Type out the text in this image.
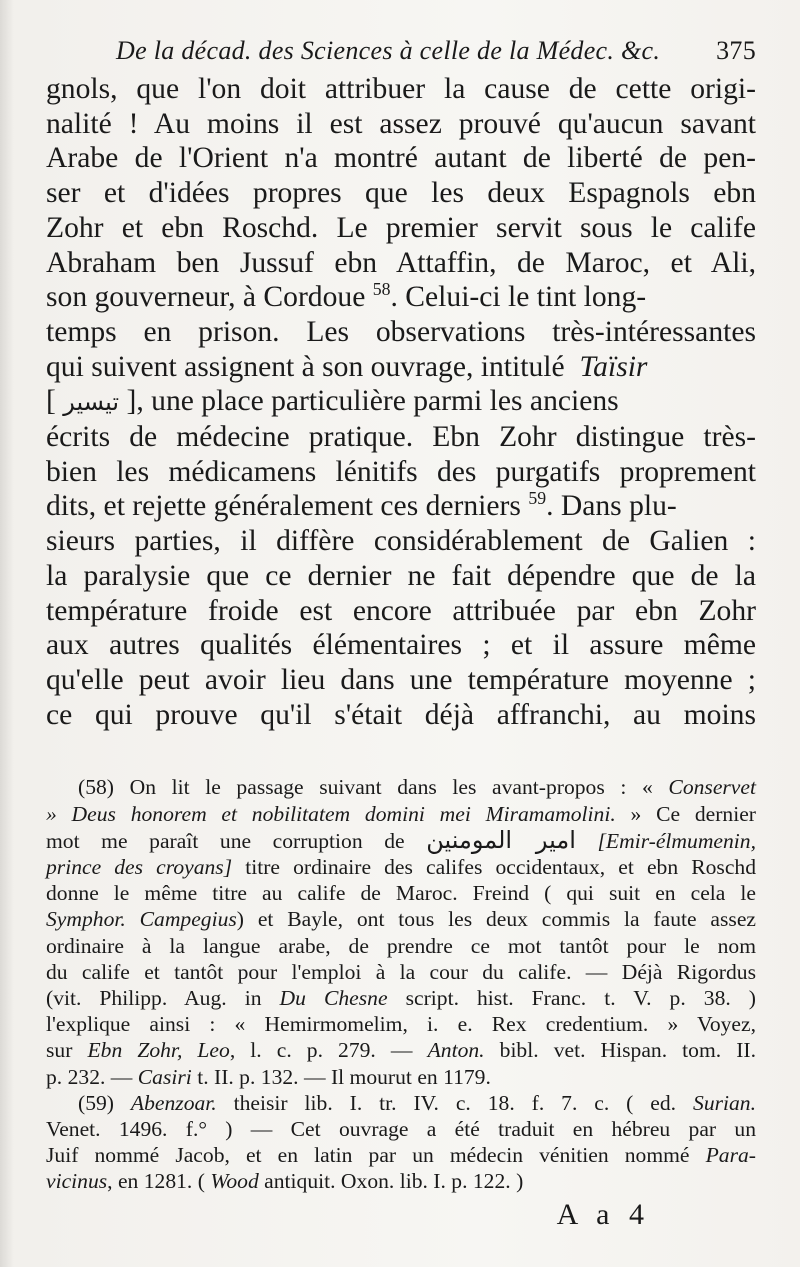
De la décad. des Sciences à celle de la Médec. &c. 375
gnols, que l'on doit attribuer la cause de cette origi-
nalité ! Au moins il est assez prouvé qu'aucun savant
Arabe de l'Orient n'a montré autant de liberté de pen-
ser et d'idées propres que les deux Espagnols ebn
Zohr et ebn Roschd. Le premier servit sous le calife
Abraham ben Jussuf ebn Attaffin, de Maroc, et Ali,
son gouverneur, à Cordoue $^{58}$. Celui-ci le tint long-
temps en prison. Les observations très-intéressantes
qui suivent assignent à son ouvrage, intitulé Taïsir
[ تيسير ], une place particulière parmi les anciens
écrits de médecine pratique. Ebn Zohr distingue très-
bien les médicamens lénitifs des purgatifs proprement
dits, et rejette généralement ces derniers $^{59}$. Dans plu-
sieurs parties, il diffère considérablement de Galien :
la paralysie que ce dernier ne fait dépendre que de la
température froide est encore attribuée par ebn Zohr
aux autres qualités élémentaires ; et il assure même
qu'elle peut avoir lieu dans une température moyenne ;
ce qui prouve qu'il s'était déjà affranchi, au moins
(58) On lit le passage suivant dans les avant-propos : « Conservet
» Deus honorem et nobilitatem domini mei Miramamolini. » Ce dernier
mot me paraît une corruption de امير المومنين [Emir-élmumenin,
prince des croyans] titre ordinaire des califes occidentaux, et ebn Roschd
donne le même titre au calife de Maroc. Freind ( qui suit en cela le
Symphor. Campegius) et Bayle, ont tous les deux commis la faute assez
ordinaire à la langue arabe, de prendre ce mot tantôt pour le nom
du calife et tantôt pour l'emploi à la cour du calife. — Déjà Rigordus
(vit. Philipp. Aug. in Du Chesne script. hist. Franc. t. V. p. 38. )
l'explique ainsi : « Hemirmomelim, i. e. Rex credentium. » Voyez,
sur Ebn Zohr, Leo, l. c. p. 279. — Anton. bibl. vet. Hispan. tom. II.
p. 232. — Casiri t. II. p. 132. — Il mourut en 1179.
(59) Abenzoar. theisir lib. I. tr. IV. c. 18. f. 7. c. ( ed. Surian.
Venet. 1496. f.° ) — Cet ouvrage a été traduit en hébreu par un
Juif nommé Jacob, et en latin par un médecin vénitien nommé Para-
vicinus, en 1281. ( Wood antiquit. Oxon. lib. I. p. 122. )
A a 4
